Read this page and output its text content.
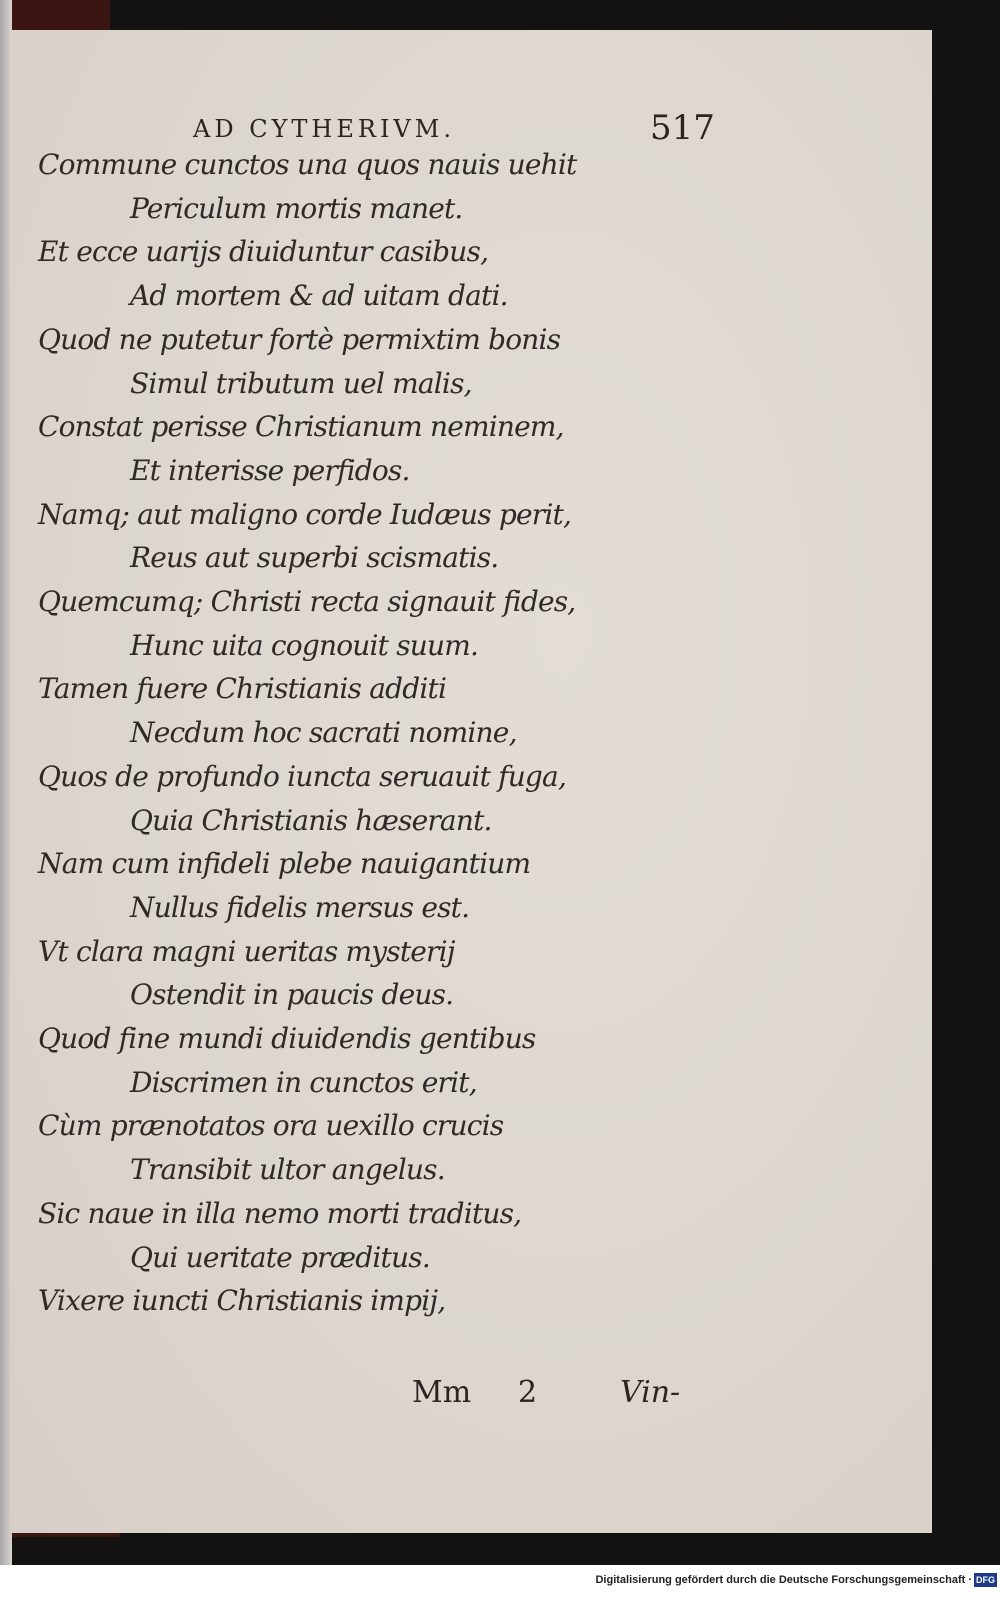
AD CYTHERIVM.	517
Commune cunctos una quos nauis uehit
Periculum mortis manet.
Et ecce uarijs diuiduntur casibus,
Ad mortem & ad uitam dati.
Quod ne putetur fortè permixtim bonis
Simul tributum uel malis,
Constat perisse Christianum neminem,
Et interisse perfidos.
Namq; aut maligno corde Iudæus perit,
Reus aut superbi scismatis.
Quemcumq; Christi recta signauit fides,
Hunc uita cognouit suum.
Tamen fuere Christianis additi
Necdum hoc sacrati nomine,
Quos de profundo iuncta seruauit fuga,
Quia Christianis hæserant.
Nam cum infideli plebe nauigantium
Nullus fidelis mersus est.
Vt clara magni ueritas mysterij
Ostendit in paucis deus.
Quod fine mundi diuidendis gentibus
Discrimen in cunctos erit,
Cùm prænotatos ora uexillo crucis
Transibit ultor angelus.
Sic naue in illa nemo morti traditus,
Qui ueritate præditus.
Vixere iuncti Christianis impij,
Mm 2	Vin-
Digitalisierung gefördert durch die Deutsche Forschungsgemeinschaft · DFG
